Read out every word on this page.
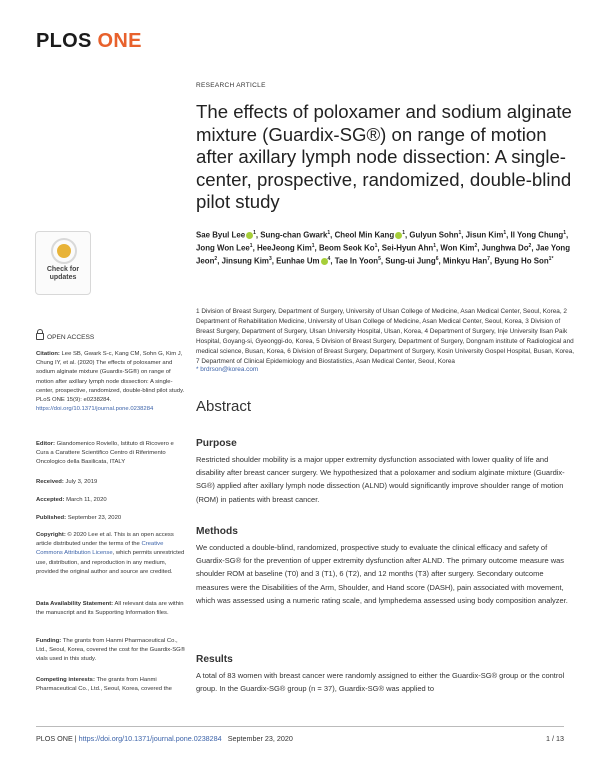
PLOS ONE
RESEARCH ARTICLE
The effects of poloxamer and sodium alginate mixture (Guardix-SG®) on range of motion after axillary lymph node dissection: A single-center, prospective, randomized, double-blind pilot study
Sae Byul Lee $^1$, Sung-chan Gwark$^1$, Cheol Min Kang $^1$, Gulyun Sohn$^1$, Jisun Kim$^1$, Il Yong Chung$^1$, Jong Won Lee$^1$, HeeJeong Kim$^1$, Beom Seok Ko$^1$, Sei-Hyun Ahn$^1$, Won Kim$^2$, Junghwa Do$^2$, Jae Yong Jeon$^2$, Jinsung Kim$^3$, Eunhae Um $^4$, Tae In Yoon$^5$, Sung-ui Jung$^6$, Minkyu Han$^7$, Byung Ho Son$^{1*}$
1 Division of Breast Surgery, Department of Surgery, University of Ulsan College of Medicine, Asan Medical Center, Seoul, Korea, 2 Department of Rehabilitation Medicine, University of Ulsan College of Medicine, Asan Medical Center, Seoul, Korea, 3 Division of Breast Surgery, Department of Surgery, Ulsan University Hospital, Ulsan, Korea, 4 Department of Surgery, Inje University Ilsan Paik Hospital, Goyang-si, Gyeonggi-do, Korea, 5 Division of Breast Surgery, Department of Surgery, Dongnam institute of Radiological and medical science, Busan, Korea, 6 Division of Breast Surgery, Department of Surgery, Kosin University Gospel Hospital, Busan, Korea, 7 Department of Clinical Epidemiology and Biostatistics, Asan Medical Center, Seoul, Korea
* brdrson@korea.com
Abstract
Purpose
Restricted shoulder mobility is a major upper extremity dysfunction associated with lower quality of life and disability after breast cancer surgery. We hypothesized that a poloxamer and sodium alginate mixture (Guardix-SG®) applied after axillary lymph node dissection (ALND) would significantly improve shoulder range of motion (ROM) in patients with breast cancer.
Methods
We conducted a double-blind, randomized, prospective study to evaluate the clinical efficacy and safety of Guardix-SG® for the prevention of upper extremity dysfunction after ALND. The primary outcome measure was shoulder ROM at baseline (T0) and 3 (T1), 6 (T2), and 12 months (T3) after surgery. Secondary outcome measures were the Disabilities of the Arm, Shoulder, and Hand score (DASH), pain associated with movement, which was assessed using a numeric rating scale, and lymphedema assessed using body composition analyzer.
Results
A total of 83 women with breast cancer were randomly assigned to either the Guardix-SG® group or the control group. In the Guardix-SG® group (n = 37), Guardix-SG® was applied to
Check for
updates
OPEN ACCESS
Citation: Lee SB, Gwark S-c, Kang CM, Sohn G, Kim J, Chung IY, et al. (2020) The effects of poloxamer and sodium alginate mixture (Guardix-SG®) on range of motion after axillary lymph node dissection: A single-center, prospective, randomized, double-blind pilot study. PLoS ONE 15(9): e0238284. https://doi.org/10.1371/journal.pone.0238284
Editor: Giandomenico Roviello, Istituto di Ricovero e Cura a Carattere Scientifico Centro di Riferimento Oncologico della Basilicata, ITALY
Received: July 3, 2019
Accepted: March 11, 2020
Published: September 23, 2020
Copyright: © 2020 Lee et al. This is an open access article distributed under the terms of the Creative Commons Attribution License, which permits unrestricted use, distribution, and reproduction in any medium, provided the original author and source are credited.
Data Availability Statement: All relevant data are within the manuscript and its Supporting Information files.
Funding: The grants from Hanmi Pharmaceutical Co., Ltd., Seoul, Korea, covered the cost for the Guardix-SG® vials used in this study.
Competing interests: The grants from Hanmi Pharmaceutical Co., Ltd., Seoul, Korea, covered the
PLOS ONE | https://doi.org/10.1371/journal.pone.0238284 September 23, 2020	1 / 13
